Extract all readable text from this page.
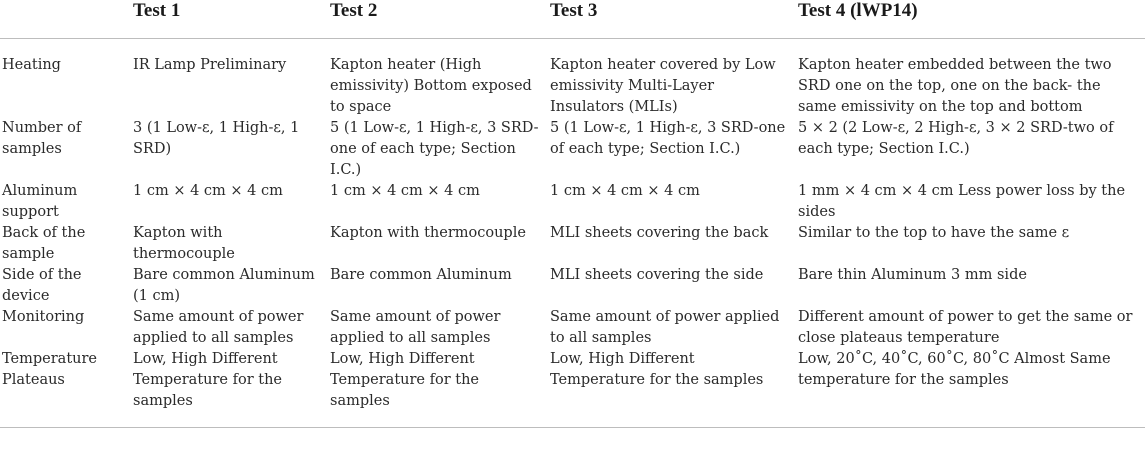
	Test 1	Test 2	Test 3	Test 4 (lWP14)
Heating	IR Lamp Preliminary	Kapton heater (High emissivity) Bottom exposed to space	Kapton heater covered by Low emissivity Multi-Layer Insulators (MLIs)	Kapton heater embedded between the two SRD one on the top, one on the back- the same emissivity on the top and bottom
Number of samples	3 (1 Low-ε, 1 High-ε, 1 SRD)	5 (1 Low-ε, 1 High-ε, 3 SRD-one of each type; Section I.C.)	5 (1 Low-ε, 1 High-ε, 3 SRD-one of each type; Section I.C.)	5 × 2 (2 Low-ε, 2 High-ε, 3 × 2 SRD-two of each type; Section I.C.)
Aluminum support	1 cm × 4 cm × 4 cm	1 cm × 4 cm × 4 cm	1 cm × 4 cm × 4 cm	1 mm × 4 cm × 4 cm Less power loss by the sides
Back of the sample	Kapton with thermocouple	Kapton with thermocouple	MLI sheets covering the back	Similar to the top to have the same ε
Side of the device	Bare common Aluminum (1 cm)	Bare common Aluminum	MLI sheets covering the side	Bare thin Aluminum 3 mm side
Monitoring	Same amount of power applied to all samples	Same amount of power applied to all samples	Same amount of power applied to all samples	Different amount of power to get the same or close plateaus temperature
Temperature Plateaus	Low, High Different Temperature for the samples	Low, High Different Temperature for the samples	Low, High Different Temperature for the samples	Low, 20˚C, 40˚C, 60˚C, 80˚C Almost Same temperature for the samples
